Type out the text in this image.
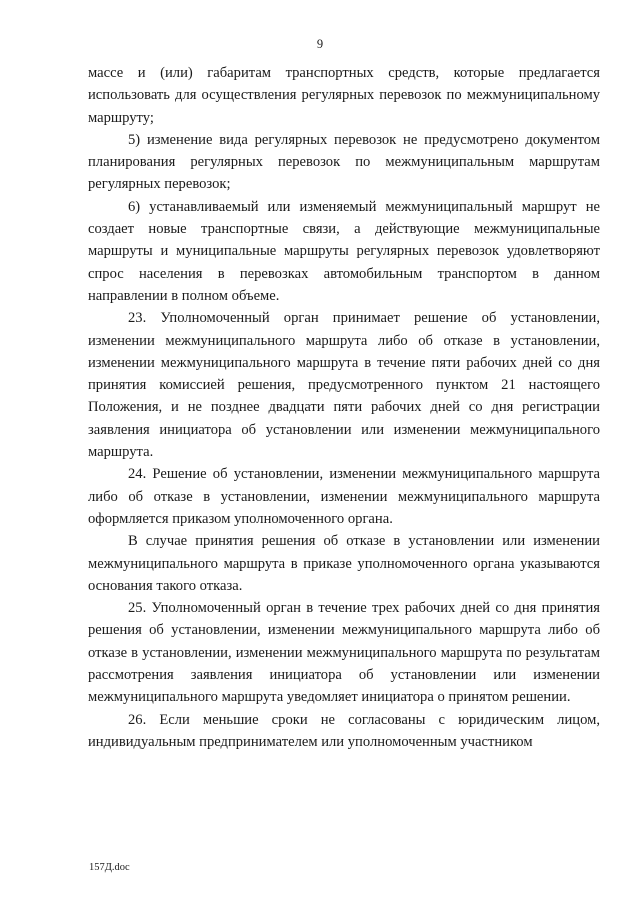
9

массе и (или) габаритам транспортных средств, которые предлагается использовать для осуществления регулярных перевозок по межмуниципальному маршруту;

5) изменение вида регулярных перевозок не предусмотрено документом планирования регулярных перевозок по межмуниципальным маршрутам регулярных перевозок;

6) устанавливаемый или изменяемый межмуниципальный маршрут не создает новые транспортные связи, а действующие межмуниципальные маршруты и муниципальные маршруты регулярных перевозок удовлетворяют спрос населения в перевозках автомобильным транспортом в данном направлении в полном объеме.

23. Уполномоченный орган принимает решение об установлении, изменении межмуниципального маршрута либо об отказе в установлении, изменении межмуниципального маршрута в течение пяти рабочих дней со дня принятия комиссией решения, предусмотренного пунктом 21 настоящего Положения, и не позднее двадцати пяти рабочих дней со дня регистрации заявления инициатора об установлении или изменении межмуниципального маршрута.

24. Решение об установлении, изменении межмуниципального маршрута либо об отказе в установлении, изменении межмуниципального маршрута оформляется приказом уполномоченного органа.

В случае принятия решения об отказе в установлении или изменении межмуниципального маршрута в приказе уполномоченного органа указываются основания такого отказа.

25. Уполномоченный орган в течение трех рабочих дней со дня принятия решения об установлении, изменении межмуниципального маршрута либо об отказе в установлении, изменении межмуниципального маршрута по результатам рассмотрения заявления инициатора об установлении или изменении межмуниципального маршрута уведомляет инициатора о принятом решении.

26. Если меньшие сроки не согласованы с юридическим лицом, индивидуальным предпринимателем или уполномоченным участником

157Д.doc
